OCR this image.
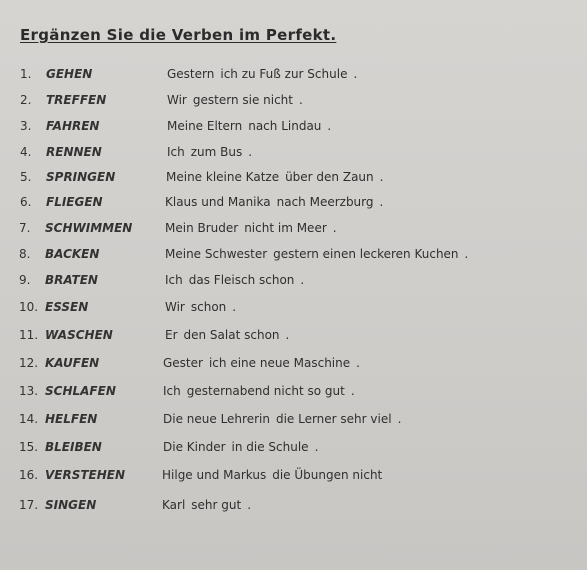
Ergänzen Sie die Verben im Perfekt.
1. GEHEN	Gestern ich zu Fuß zur Schule .
2. TREFFEN	Wir gestern sie nicht .
3. FAHREN	Meine Eltern nach Lindau .
4. RENNEN	Ich zum Bus .
5. SPRINGEN	Meine kleine Katze über den Zaun .
6. FLIEGEN	Klaus und Manika nach Meerzburg .
7. SCHWIMMEN	Mein Bruder nicht im Meer .
8. BACKEN	Meine Schwester gestern einen leckeren Kuchen .
9. BRATEN	Ich das Fleisch schon .
10. ESSEN	Wir schon .
11. WASCHEN	Er den Salat schon .
12. KAUFEN	Gester ich eine neue Maschine .
13. SCHLAFEN	Ich gesternabend nicht so gut .
14. HELFEN	Die neue Lehrerin die Lerner sehr viel .
15. BLEIBEN	Die Kinder in die Schule .
16. VERSTEHEN	Hilge und Markus die Übungen nicht
17. SINGEN	Karl sehr gut .
